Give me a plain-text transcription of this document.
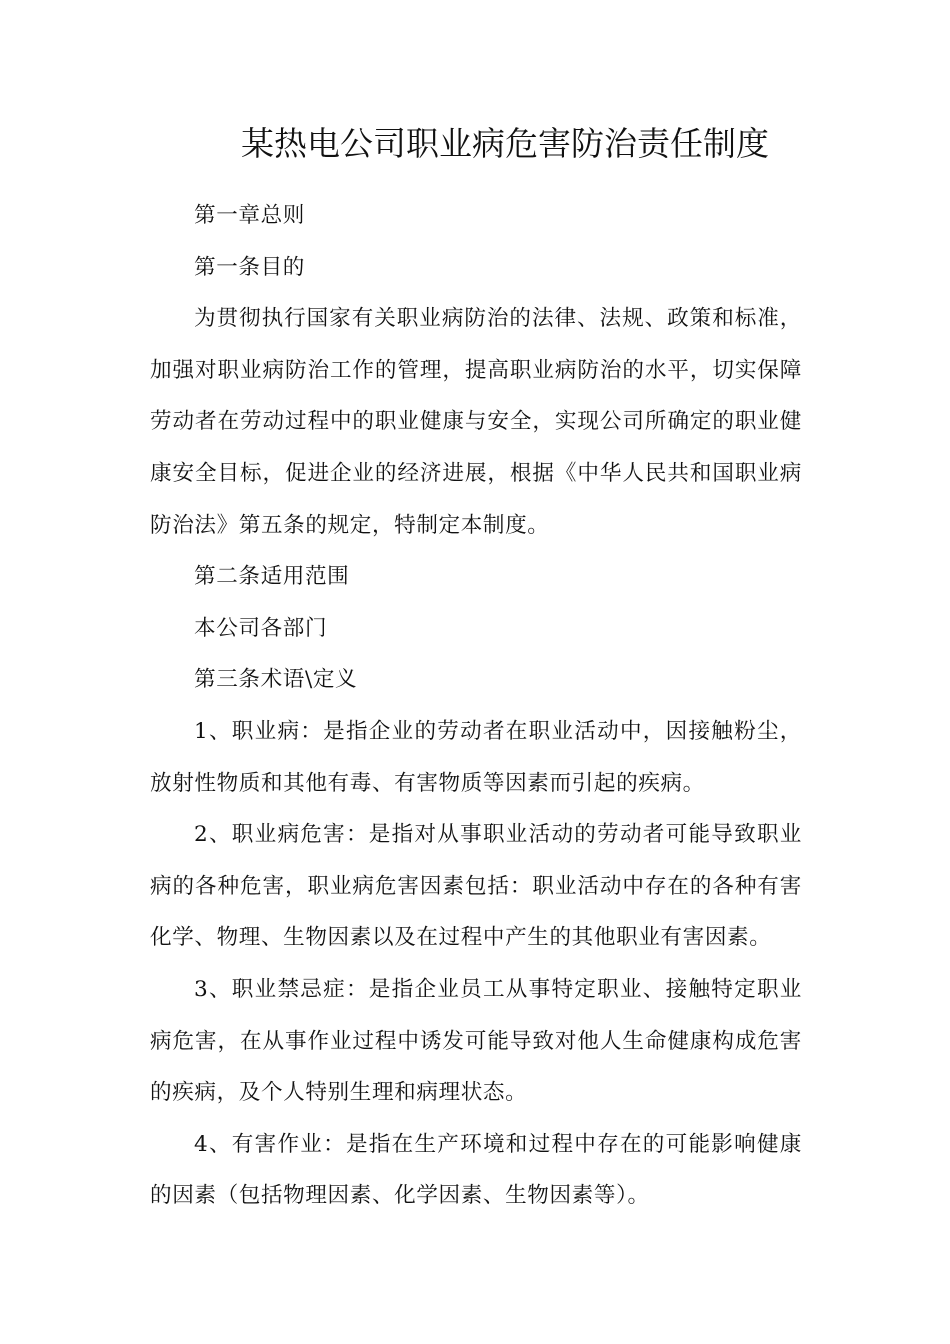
某热电公司职业病危害防治责任制度

第一章总则

第一条目的

为贯彻执行国家有关职业病防治的法律、法规、政策和标准，加强对职业病防治工作的管理，提高职业病防治的水平，切实保障劳动者在劳动过程中的职业健康与安全，实现公司所确定的职业健康安全目标，促进企业的经济进展，根据《中华人民共和国职业病防治法》第五条的规定，特制定本制度。

第二条适用范围

本公司各部门

第三条术语\定义

1、职业病：是指企业的劳动者在职业活动中，因接触粉尘，放射性物质和其他有毒、有害物质等因素而引起的疾病。

2、职业病危害：是指对从事职业活动的劳动者可能导致职业病的各种危害，职业病危害因素包括：职业活动中存在的各种有害化学、物理、生物因素以及在过程中产生的其他职业有害因素。

3、职业禁忌症：是指企业员工从事特定职业、接触特定职业病危害，在从事作业过程中诱发可能导致对他人生命健康构成危害的疾病，及个人特别生理和病理状态。

4、有害作业：是指在生产环境和过程中存在的可能影响健康的因素（包括物理因素、化学因素、生物因素等）。
